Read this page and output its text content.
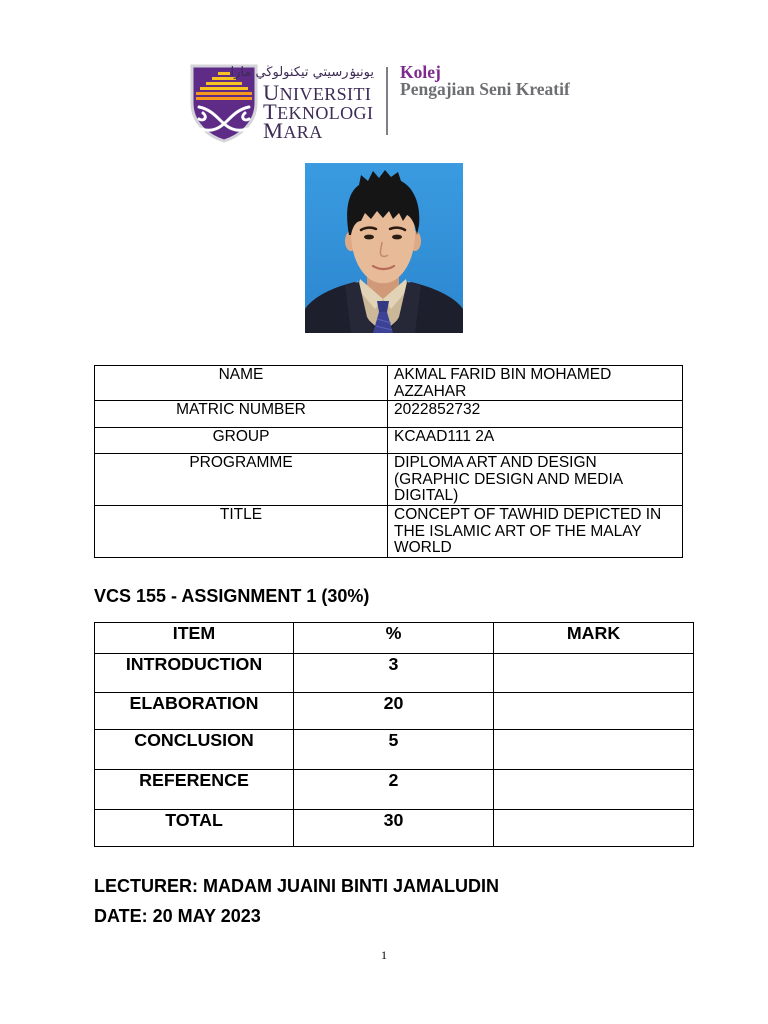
يونيۏرسيتي تيكنولوڬي مارا
UNIVERSITI
TEKNOLOGI
MARA
Kolej
Pengajian Seni Kreatif
NAME	AKMAL FARID BIN MOHAMED AZZAHAR
MATRIC NUMBER	2022852732
GROUP	KCAAD111 2A
PROGRAMME	DIPLOMA ART AND DESIGN (GRAPHIC DESIGN AND MEDIA DIGITAL)
TITLE	CONCEPT OF TAWHID DEPICTED IN THE ISLAMIC ART OF THE MALAY WORLD
VCS 155 - ASSIGNMENT 1 (30%)
ITEM	%	MARK
INTRODUCTION	3	
ELABORATION	20	
CONCLUSION	5	
REFERENCE	2	
TOTAL	30	
LECTURER: MADAM JUAINI BINTI JAMALUDIN
DATE: 20 MAY 2023
1
